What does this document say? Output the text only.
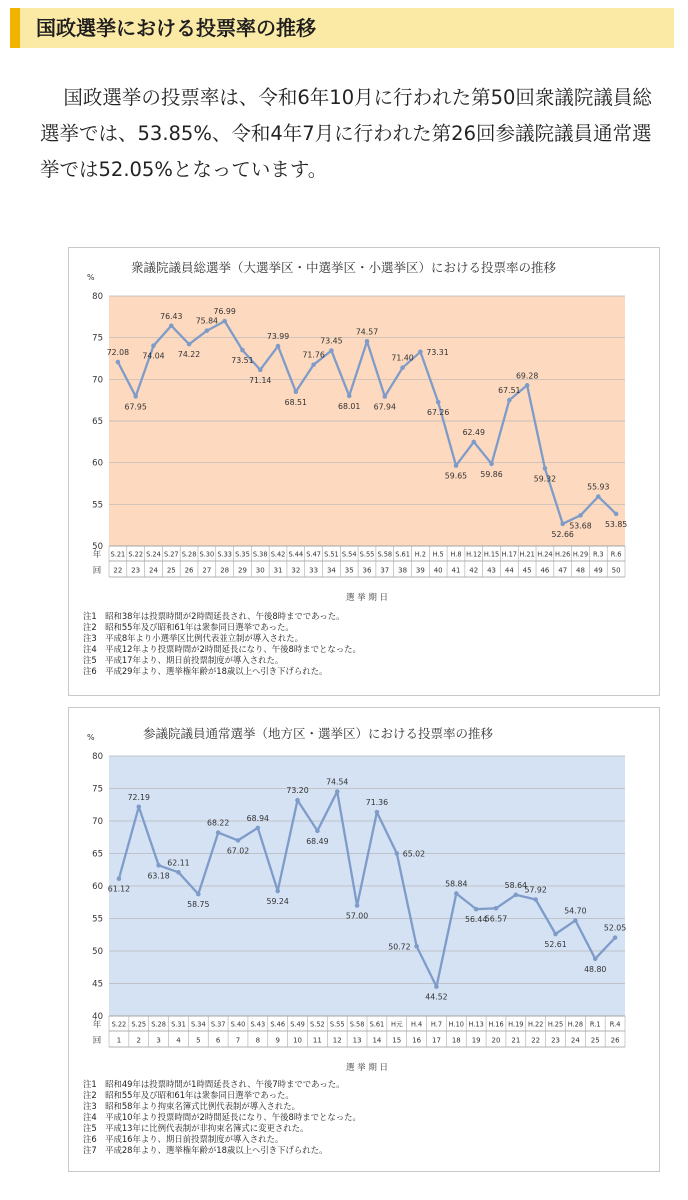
国政選挙における投票率の推移

国政選挙の投票率は、令和6年10月に行われた第50回衆議院議員総選挙では、53.85%、令和4年7月に行われた第26回参議院議員通常選挙では52.05%となっています。

衆議院議員総選挙（大選挙区・中選挙区・小選挙区）における投票率の推移
%
50
55
60
65
70
75
80
年
回
S.21
22
S.22
23
S.24
24
S.27
25
S.28
26
S.30
27
S.33
28
S.35
29
S.38
30
S.42
31
S.44
32
S.47
33
S.51
34
S.54
35
S.55
36
S.58
37
S.61
38
H.2
39
H.5
40
H.8
41
H.12
42
H.15
43
H.17
44
H.21
45
H.24
46
H.26
47
H.29
48
R.3
49
R.6
50
選 挙 期 日
72.08
67.95
74.04
76.43
74.22
75.84
76.99
73.51
71.14
73.99
68.51
71.76
73.45
68.01
74.57
67.94
71.40
73.31
67.26
59.65
62.49
59.86
67.51
69.28
59.32
52.66
53.68
55.93
53.85
注1　昭和38年は投票時間が2時間延長され、午後8時までであった。
注2　昭和55年及び昭和61年は衆参同日選挙であった。
注3　平成8年より小選挙区比例代表並立制が導入された。
注4　平成12年より投票時間が2時間延長になり、午後8時までとなった。
注5　平成17年より、期日前投票制度が導入された。
注6　平成29年より、選挙権年齢が18歳以上へ引き下げられた。
参議院議員通常選挙（地方区・選挙区）における投票率の推移
%
40
45
50
55
60
65
70
75
80
年
回
S.22
1
S.25
2
S.28
3
S.31
4
S.34
5
S.37
6
S.40
7
S.43
8
S.46
9
S.49
10
S.52
11
S.55
12
S.58
13
S.61
14
H元
15
H.4
16
H.7
17
H.10
18
H.13
19
H.16
20
H.19
21
H.22
22
H.25
23
H.28
24
R.1
25
R.4
26
選 挙 期 日
61.12
72.19
63.18
62.11
58.75
68.22
67.02
68.94
59.24
73.20
68.49
74.54
57.00
71.36
65.02
50.72
44.52
58.84
56.44
56.57
58.64
57.92
52.61
54.70
48.80
52.05
注1　昭和49年は投票時間が1時間延長され、午後7時までであった。
注2　昭和55年及び昭和61年は衆参同日選挙であった。
注3　昭和58年より拘束名簿式比例代表制が導入された。
注4　平成10年より投票時間が2時間延長になり、午後8時までとなった。
注5　平成13年に比例代表制が非拘束名簿式に変更された。
注6　平成16年より、期日前投票制度が導入された。
注7　平成28年より、選挙権年齢が18歳以上へ引き下げられた。
